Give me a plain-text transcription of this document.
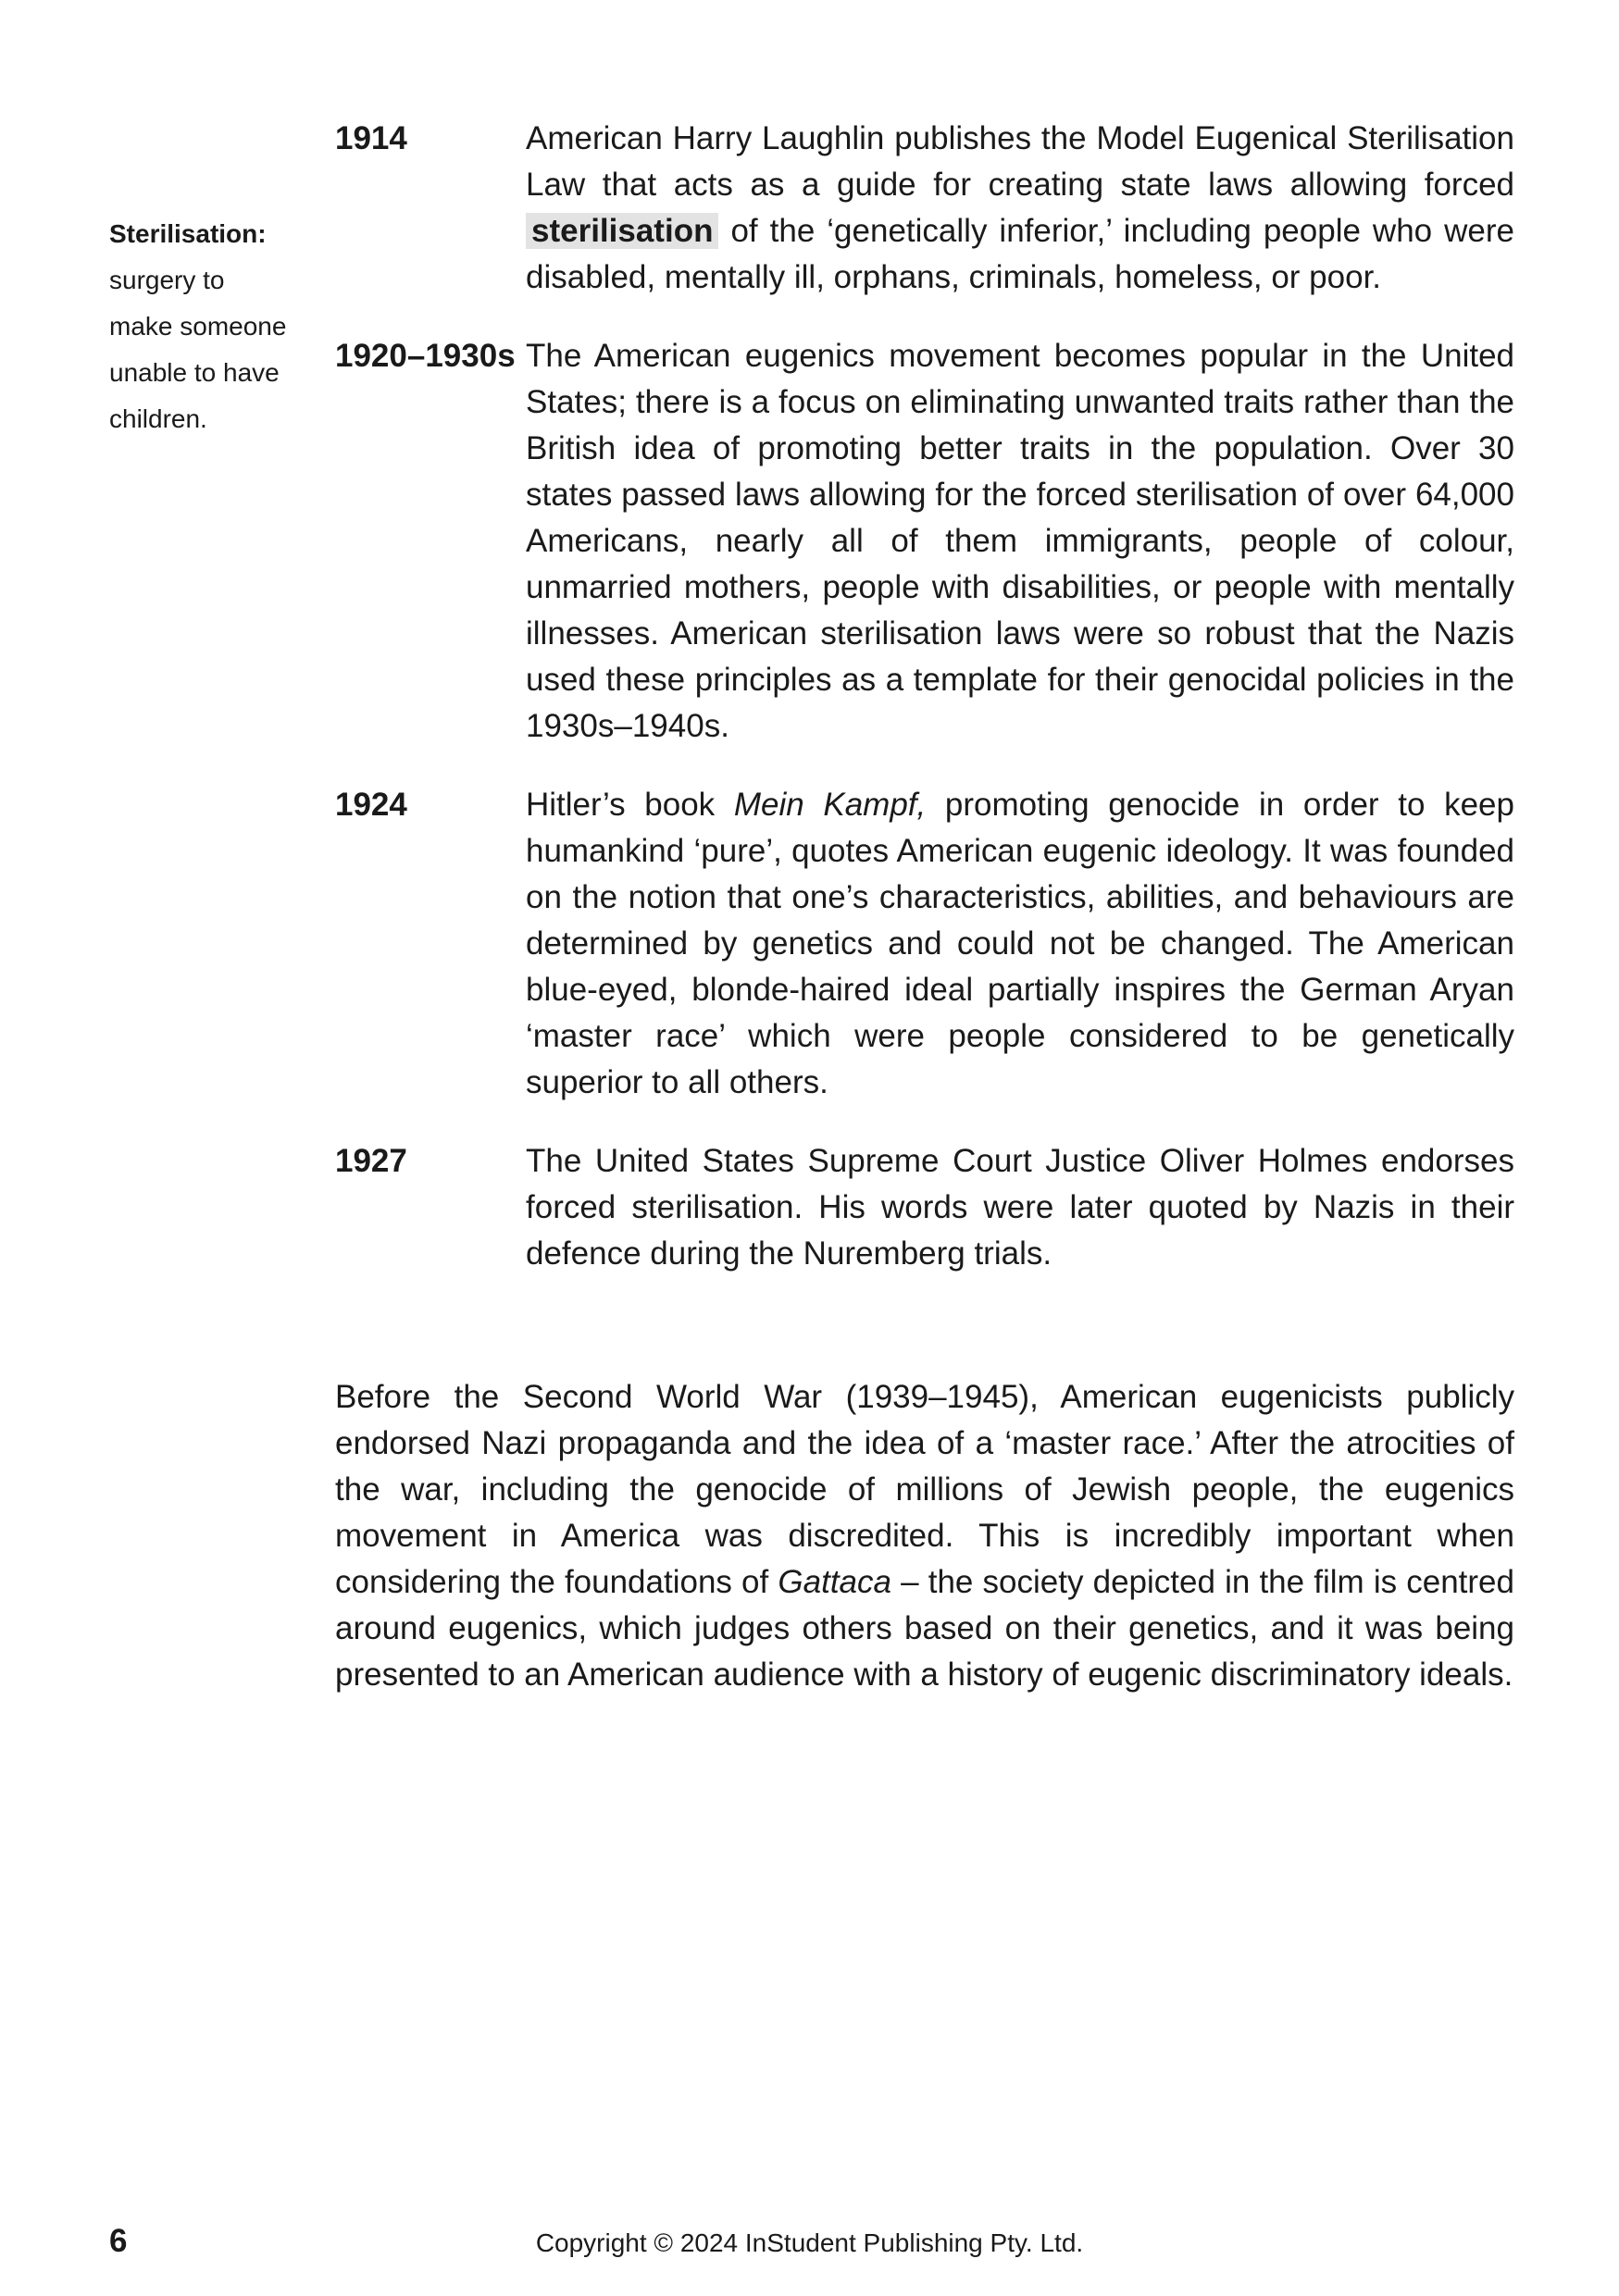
Sterilisation:
surgery to
make someone
unable to have
children.
1914	American Harry Laughlin publishes the Model Eugenical Sterilisation Law that acts as a guide for creating state laws allowing forced sterilisation of the ‘genetically inferior,’ including people who were disabled, mentally ill, orphans, criminals, homeless, or poor.
1920–1930s The American eugenics movement becomes popular in the United States; there is a focus on eliminating unwanted traits rather than the British idea of promoting better traits in the population. Over 30 states passed laws allowing for the forced sterilisation of over 64,000 Americans, nearly all of them immigrants, people of colour, unmarried mothers, people with disabilities, or people with mentally illnesses. American sterilisation laws were so robust that the Nazis used these principles as a template for their genocidal policies in the 1930s–1940s.
1924	Hitler’s book Mein Kampf, promoting genocide in order to keep humankind ‘pure’, quotes American eugenic ideology. It was founded on the notion that one’s characteristics, abilities, and behaviours are determined by genetics and could not be changed. The American blue-eyed, blonde-haired ideal partially inspires the German Aryan ‘master race’ which were people considered to be genetically superior to all others.
1927	The United States Supreme Court Justice Oliver Holmes endorses forced sterilisation. His words were later quoted by Nazis in their defence during the Nuremberg trials.

Before the Second World War (1939–1945), American eugenicists publicly endorsed Nazi propaganda and the idea of a ‘master race.’ After the atrocities of the war, including the genocide of millions of Jewish people, the eugenics movement in America was discredited. This is incredibly important when considering the foundations of Gattaca – the society depicted in the film is centred around eugenics, which judges others based on their genetics, and it was being presented to an American audience with a history of eugenic discriminatory ideals.

6	Copyright © 2024 InStudent Publishing Pty. Ltd.
